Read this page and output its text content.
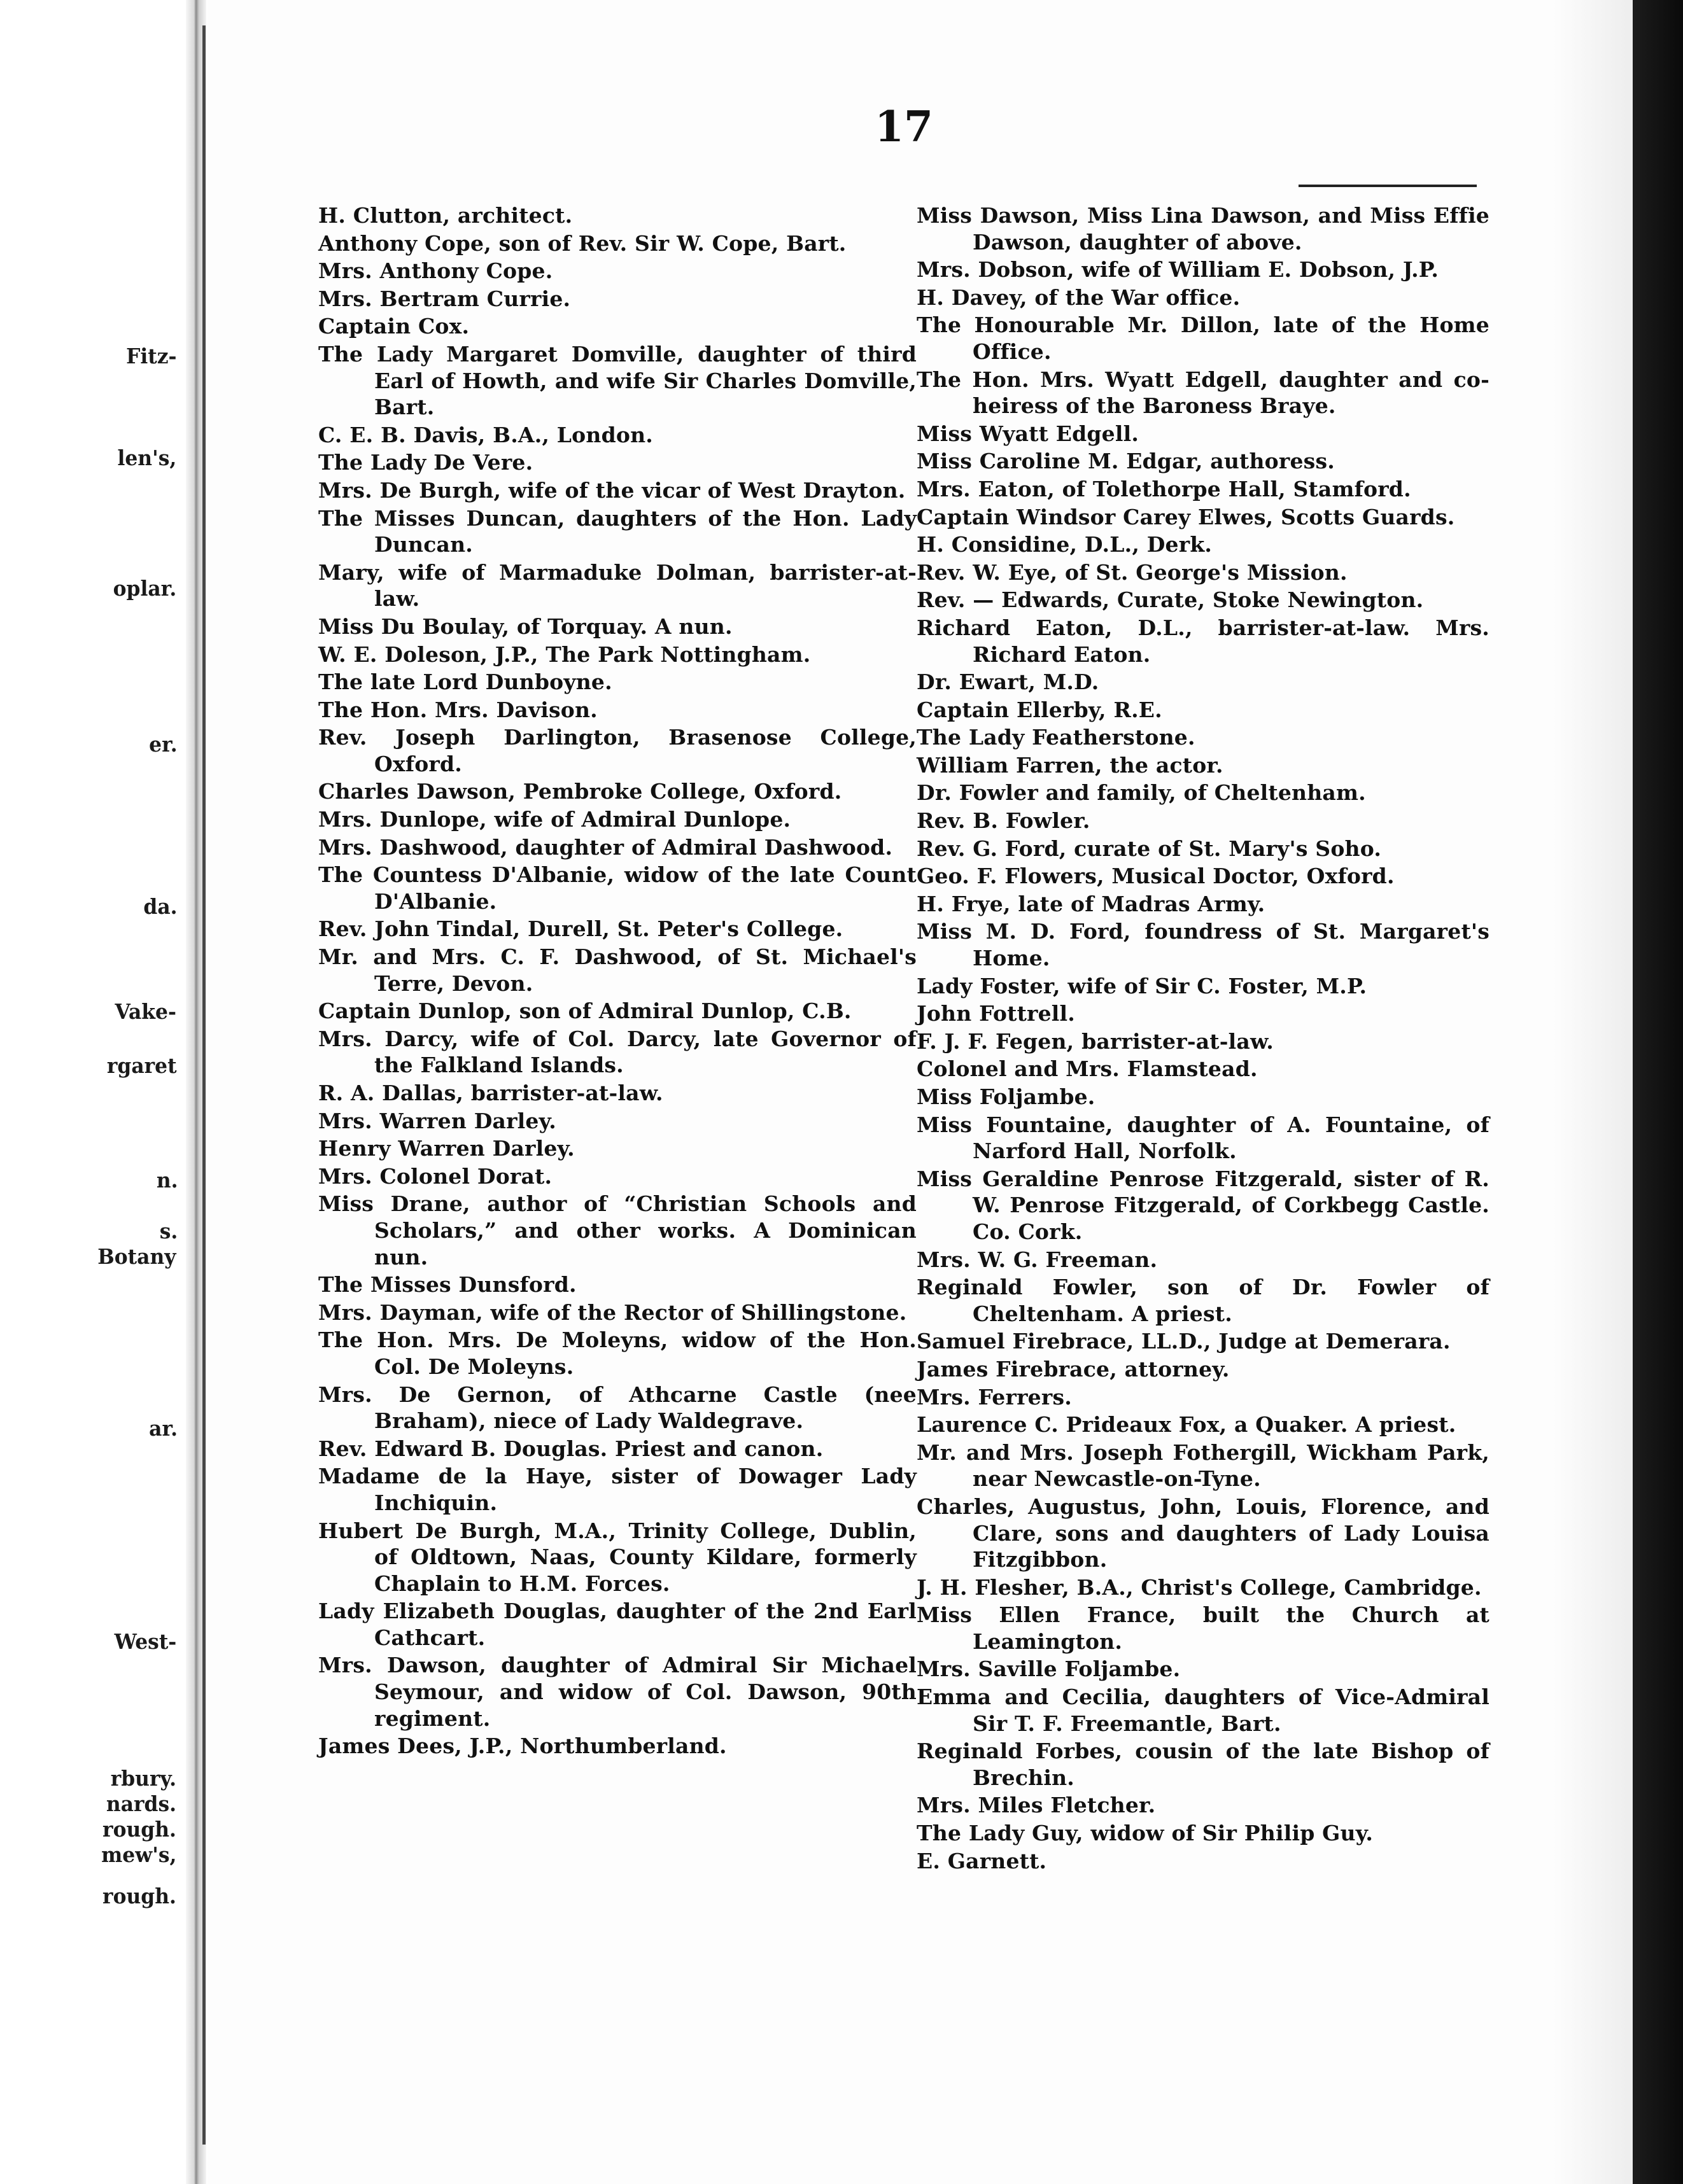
Fitz-
len's,
oplar.
er.
da.
Vake-
rgaret
n.
s.
Botany
ar.
West-
rbury.
nards.
rough.
mew's,
rough.
17
H. Clutton, architect.
Anthony Cope, son of Rev. Sir W. Cope, Bart.
Mrs. Anthony Cope.
Mrs. Bertram Currie.
Captain Cox.
The Lady Margaret Domville, daughter of third Earl of Howth, and wife Sir Charles Domville, Bart.
C. E. B. Davis, B.A., London.
The Lady De Vere.
Mrs. De Burgh, wife of the vicar of West Drayton.
The Misses Duncan, daughters of the Hon. Lady Duncan.
Mary, wife of Marmaduke Dolman, barrister-at-law.
Miss Du Boulay, of Torquay. A nun.
W. E. Doleson, J.P., The Park Nottingham.
The late Lord Dunboyne.
The Hon. Mrs. Davison.
Rev. Joseph Darlington, Brasenose College, Oxford.
Charles Dawson, Pembroke College, Oxford.
Mrs. Dunlope, wife of Admiral Dunlope.
Mrs. Dashwood, daughter of Admiral Dashwood.
The Countess D'Albanie, widow of the late Count D'Albanie.
Rev. John Tindal, Durell, St. Peter's College.
Mr. and Mrs. C. F. Dashwood, of St. Michael's Terre, Devon.
Captain Dunlop, son of Admiral Dunlop, C.B.
Mrs. Darcy, wife of Col. Darcy, late Governor of the Falkland Islands.
R. A. Dallas, barrister-at-law.
Mrs. Warren Darley.
Henry Warren Darley.
Mrs. Colonel Dorat.
Miss Drane, author of “Christian Schools and Scholars,” and other works. A Dominican nun.
The Misses Dunsford.
Mrs. Dayman, wife of the Rector of Shillingstone.
The Hon. Mrs. De Moleyns, widow of the Hon. Col. De Moleyns.
Mrs. De Gernon, of Athcarne Castle (nee Braham), niece of Lady Waldegrave.
Rev. Edward B. Douglas. Priest and canon.
Madame de la Haye, sister of Dowager Lady Inchiquin.
Hubert De Burgh, M.A., Trinity College, Dublin, of Oldtown, Naas, County Kildare, formerly Chaplain to H.M. Forces.
Lady Elizabeth Douglas, daughter of the 2nd Earl Cathcart.
Mrs. Dawson, daughter of Admiral Sir Michael Seymour, and widow of Col. Dawson, 90th regiment.
James Dees, J.P., Northumberland.
Miss Dawson, Miss Lina Dawson, and Miss Effie Dawson, daughter of above.
Mrs. Dobson, wife of William E. Dobson, J.P.
H. Davey, of the War office.
The Honourable Mr. Dillon, late of the Home Office.
The Hon. Mrs. Wyatt Edgell, daughter and co-heiress of the Baroness Braye.
Miss Wyatt Edgell.
Miss Caroline M. Edgar, authoress.
Mrs. Eaton, of Tolethorpe Hall, Stamford.
Captain Windsor Carey Elwes, Scotts Guards.
H. Considine, D.L., Derk.
Rev. W. Eye, of St. George's Mission.
Rev. — Edwards, Curate, Stoke Newington.
Richard Eaton, D.L., barrister-at-law. Mrs. Richard Eaton.
Dr. Ewart, M.D.
Captain Ellerby, R.E.
The Lady Featherstone.
William Farren, the actor.
Dr. Fowler and family, of Cheltenham.
Rev. B. Fowler.
Rev. G. Ford, curate of St. Mary's Soho.
Geo. F. Flowers, Musical Doctor, Oxford.
H. Frye, late of Madras Army.
Miss M. D. Ford, foundress of St. Margaret's Home.
Lady Foster, wife of Sir C. Foster, M.P.
John Fottrell.
F. J. F. Fegen, barrister-at-law.
Colonel and Mrs. Flamstead.
Miss Foljambe.
Miss Fountaine, daughter of A. Fountaine, of Narford Hall, Norfolk.
Miss Geraldine Penrose Fitzgerald, sister of R. W. Penrose Fitzgerald, of Corkbegg Castle. Co. Cork.
Mrs. W. G. Freeman.
Reginald Fowler, son of Dr. Fowler of Cheltenham. A priest.
Samuel Firebrace, LL.D., Judge at Demerara.
James Firebrace, attorney.
Mrs. Ferrers.
Laurence C. Prideaux Fox, a Quaker. A priest.
Mr. and Mrs. Joseph Fothergill, Wickham Park, near Newcastle-on-Tyne.
Charles, Augustus, John, Louis, Florence, and Clare, sons and daughters of Lady Louisa Fitzgibbon.
J. H. Flesher, B.A., Christ's College, Cambridge.
Miss Ellen France, built the Church at Leamington.
Mrs. Saville Foljambe.
Emma and Cecilia, daughters of Vice-Admiral Sir T. F. Freemantle, Bart.
Reginald Forbes, cousin of the late Bishop of Brechin.
Mrs. Miles Fletcher.
The Lady Guy, widow of Sir Philip Guy.
E. Garnett.
